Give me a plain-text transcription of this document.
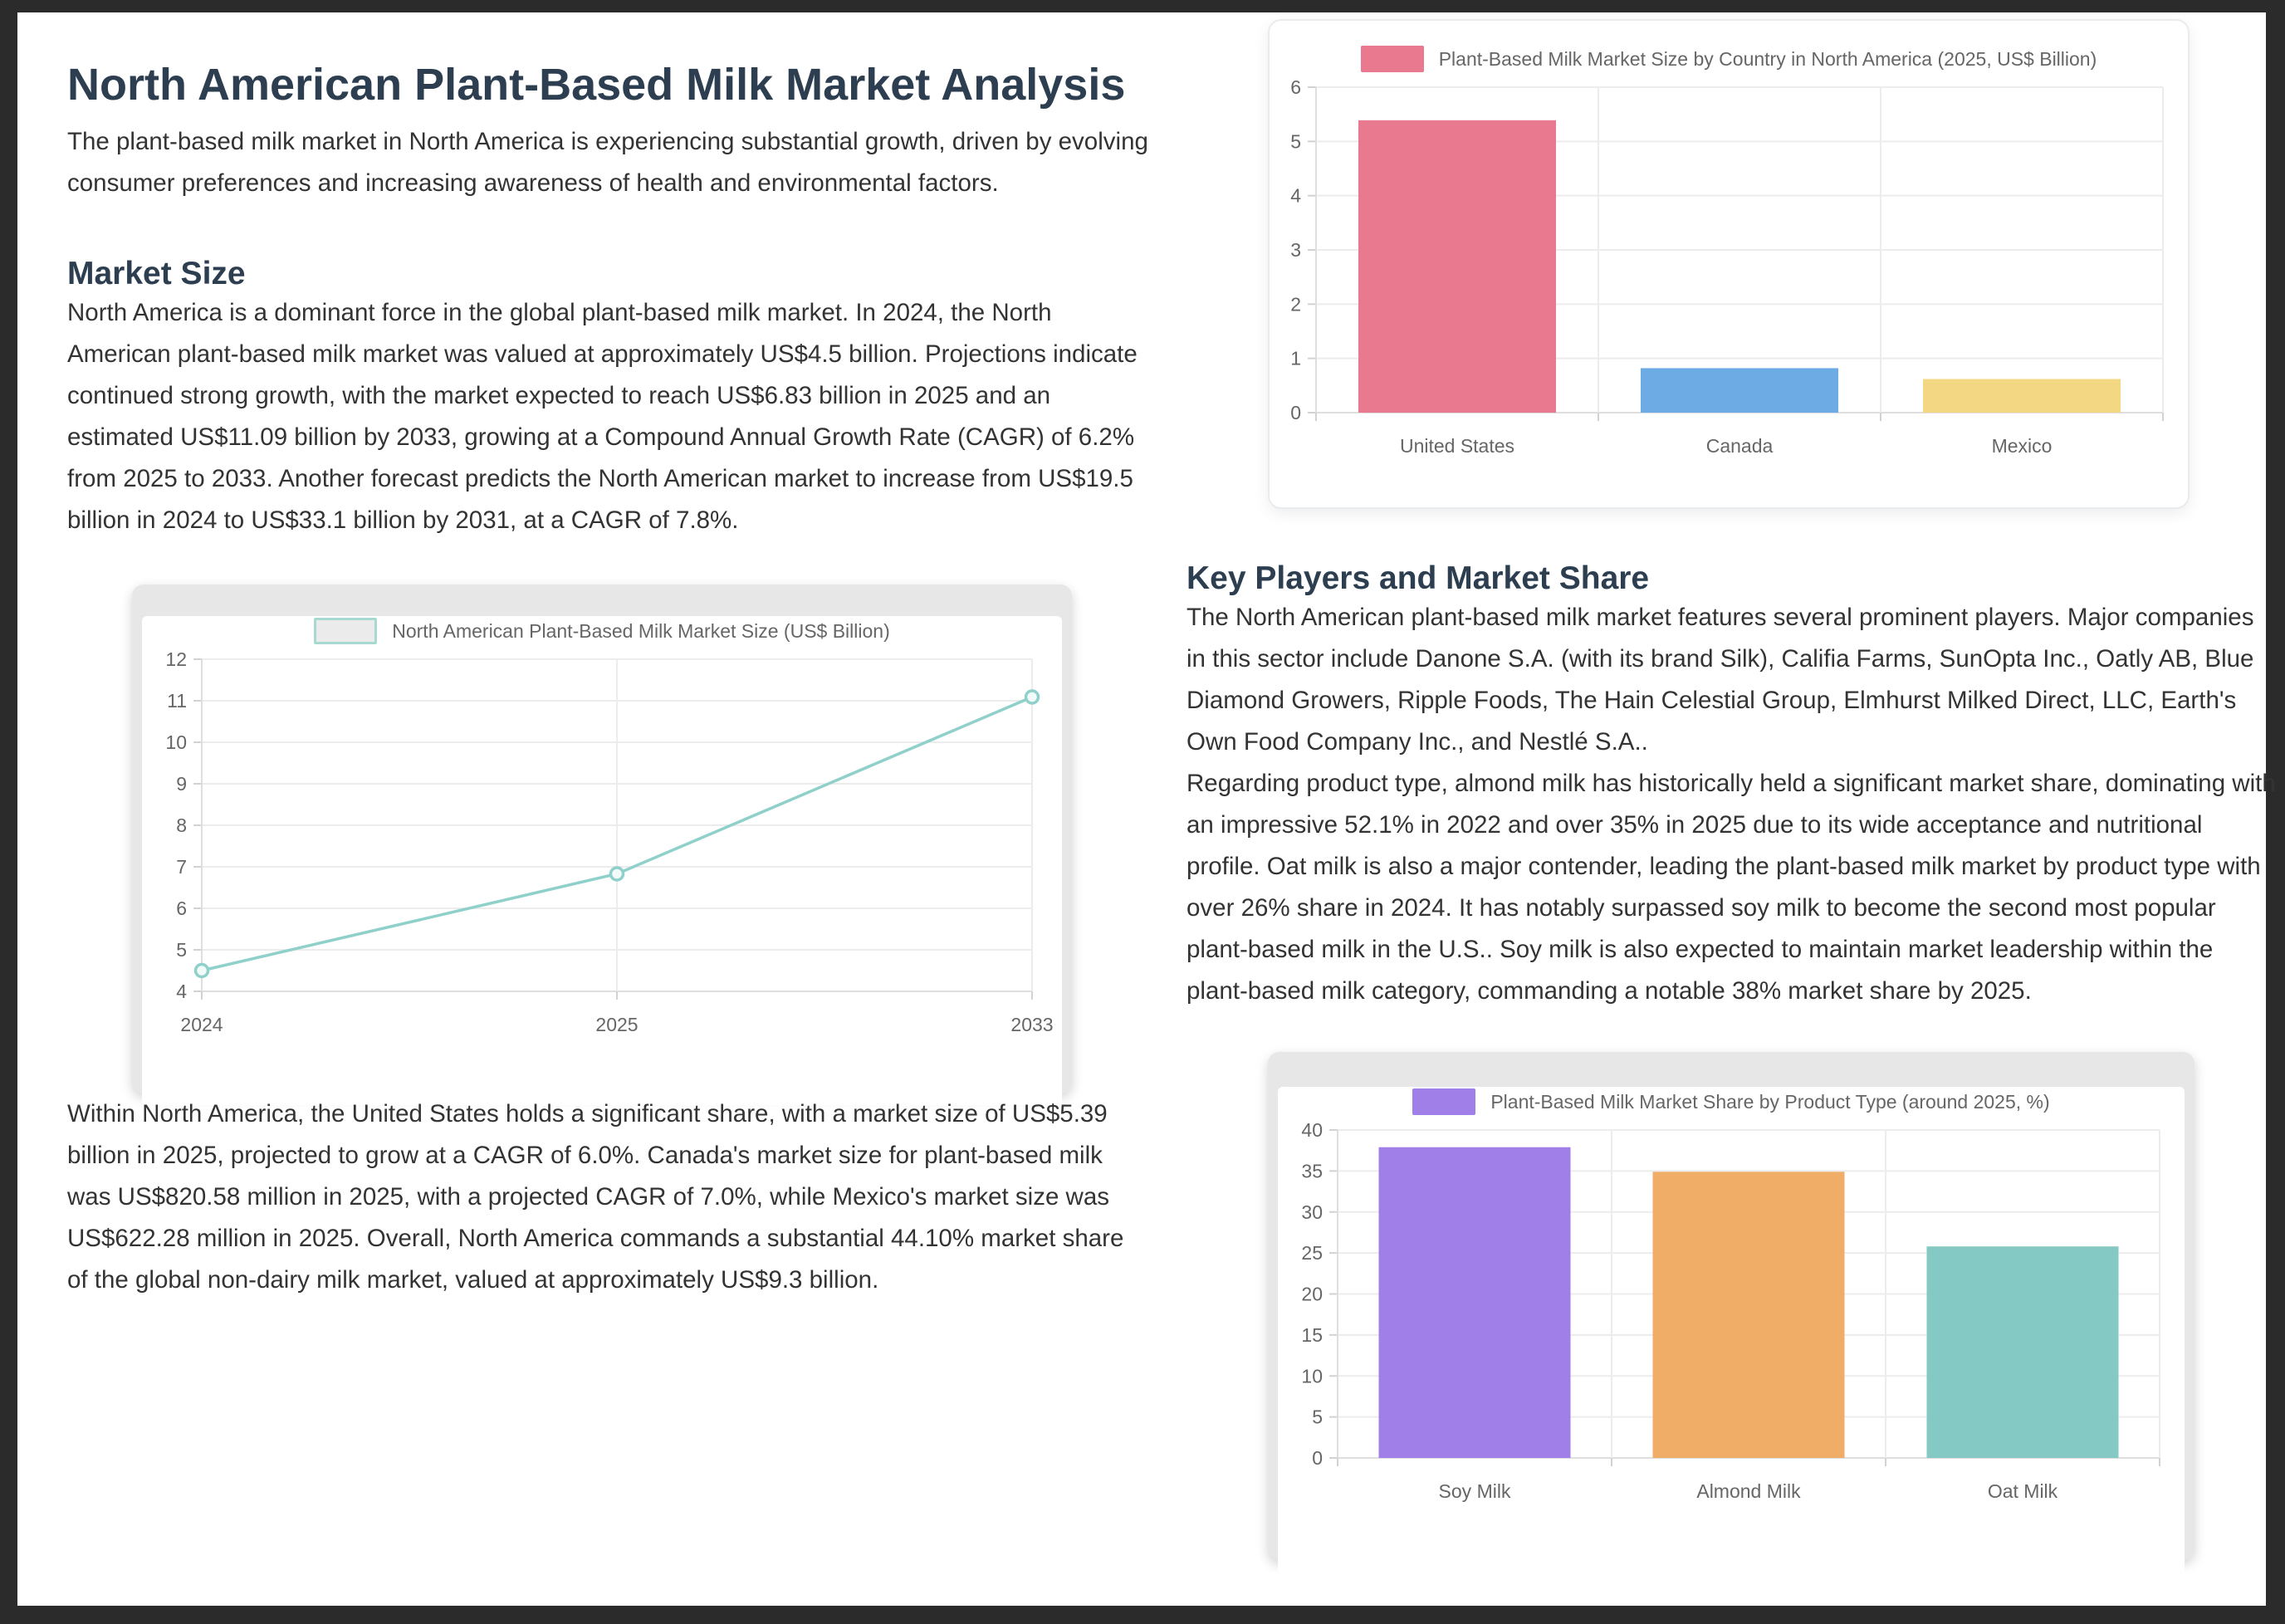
North American Plant-Based Milk Market Analysis

The plant-based milk market in North America is experiencing substantial growth, driven by evolving consumer preferences and increasing awareness of health and environmental factors.

Market Size

North America is a dominant force in the global plant-based milk market. In 2024, the North American plant-based milk market was valued at approximately US$4.5 billion. Projections indicate continued strong growth, with the market expected to reach US$6.83 billion in 2025 and an estimated US$11.09 billion by 2033, growing at a Compound Annual Growth Rate (CAGR) of 6.2% from 2025 to 2033. Another forecast predicts the North American market to increase from US$19.5 billion in 2024 to US$33.1 billion by 2031, at a CAGR of 7.8%.

North American Plant-Based Milk Market Size (US$ Billion)
4
5
6
7
8
9
10
11
12
2024	2025	2033

Within North America, the United States holds a significant share, with a market size of US$5.39 billion in 2025, projected to grow at a CAGR of 6.0%. Canada's market size for plant-based milk was US$820.58 million in 2025, with a projected CAGR of 7.0%, while Mexico's market size was US$622.28 million in 2025. Overall, North America commands a substantial 44.10% market share of the global non-dairy milk market, valued at approximately US$9.3 billion.

Plant-Based Milk Market Size by Country in North America (2025, US$ Billion)
0
1
2
3
4
5
6
United States	Canada	Mexico
Key Players and Market Share

The North American plant-based milk market features several prominent players. Major companies in this sector include Danone S.A. (with its brand Silk), Califia Farms, SunOpta Inc., Oatly AB, Blue Diamond Growers, Ripple Foods, The Hain Celestial Group, Elmhurst Milked Direct, LLC, Earth's Own Food Company Inc., and Nestlé S.A..

Regarding product type, almond milk has historically held a significant market share, dominating with an impressive 52.1% in 2022 and over 35% in 2025 due to its wide acceptance and nutritional profile. Oat milk is also a major contender, leading the plant-based milk market by product type with over 26% share in 2024. It has notably surpassed soy milk to become the second most popular plant-based milk in the U.S.. Soy milk is also expected to maintain market leadership within the plant-based milk category, commanding a notable 38% market share by 2025.

Plant-Based Milk Market Share by Product Type (around 2025, %)
0
5
10
15
20
25
30
35
40
Soy Milk	Almond Milk	Oat Milk
